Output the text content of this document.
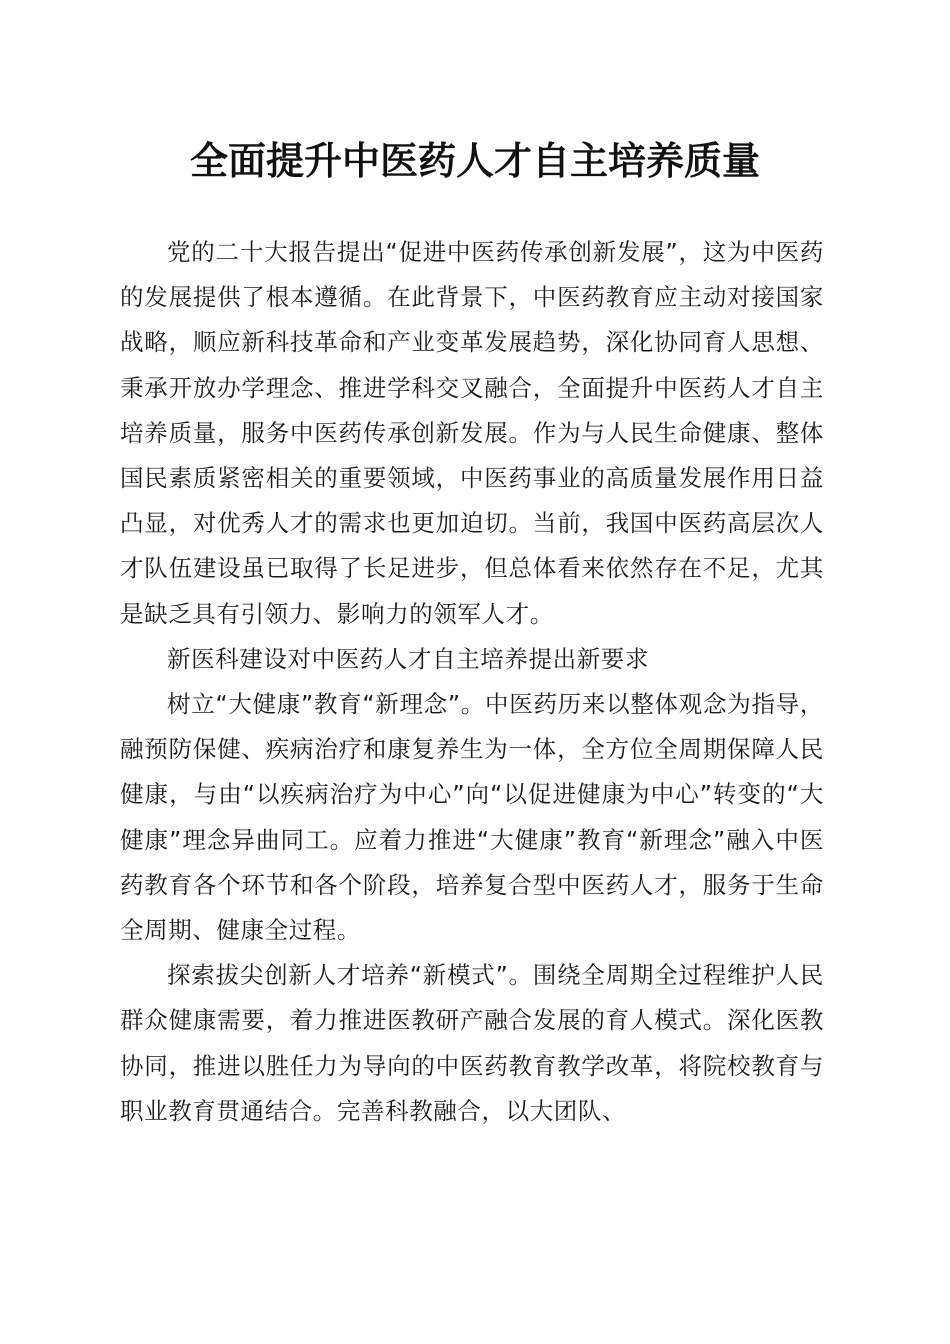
全面提升中医药人才自主培养质量

党的二十大报告提出“促进中医药传承创新发展”，这为中医药的发展提供了根本遵循。在此背景下，中医药教育应主动对接国家战略，顺应新科技革命和产业变革发展趋势，深化协同育人思想、秉承开放办学理念、推进学科交叉融合，全面提升中医药人才自主培养质量，服务中医药传承创新发展。作为与人民生命健康、整体国民素质紧密相关的重要领域，中医药事业的高质量发展作用日益凸显，对优秀人才的需求也更加迫切。当前，我国中医药高层次人才队伍建设虽已取得了长足进步，但总体看来依然存在不足，尤其是缺乏具有引领力、影响力的领军人才。

新医科建设对中医药人才自主培养提出新要求

树立“大健康”教育“新理念”。中医药历来以整体观念为指导，融预防保健、疾病治疗和康复养生为一体，全方位全周期保障人民健康，与由“以疾病治疗为中心”向“以促进健康为中心”转变的“大健康”理念异曲同工。应着力推进“大健康”教育“新理念”融入中医药教育各个环节和各个阶段，培养复合型中医药人才，服务于生命全周期、健康全过程。

探索拔尖创新人才培养“新模式”。围绕全周期全过程维护人民群众健康需要，着力推进医教研产融合发展的育人模式。深化医教协同，推进以胜任力为导向的中医药教育教学改革，将院校教育与职业教育贯通结合。完善科教融合，以大团队、
